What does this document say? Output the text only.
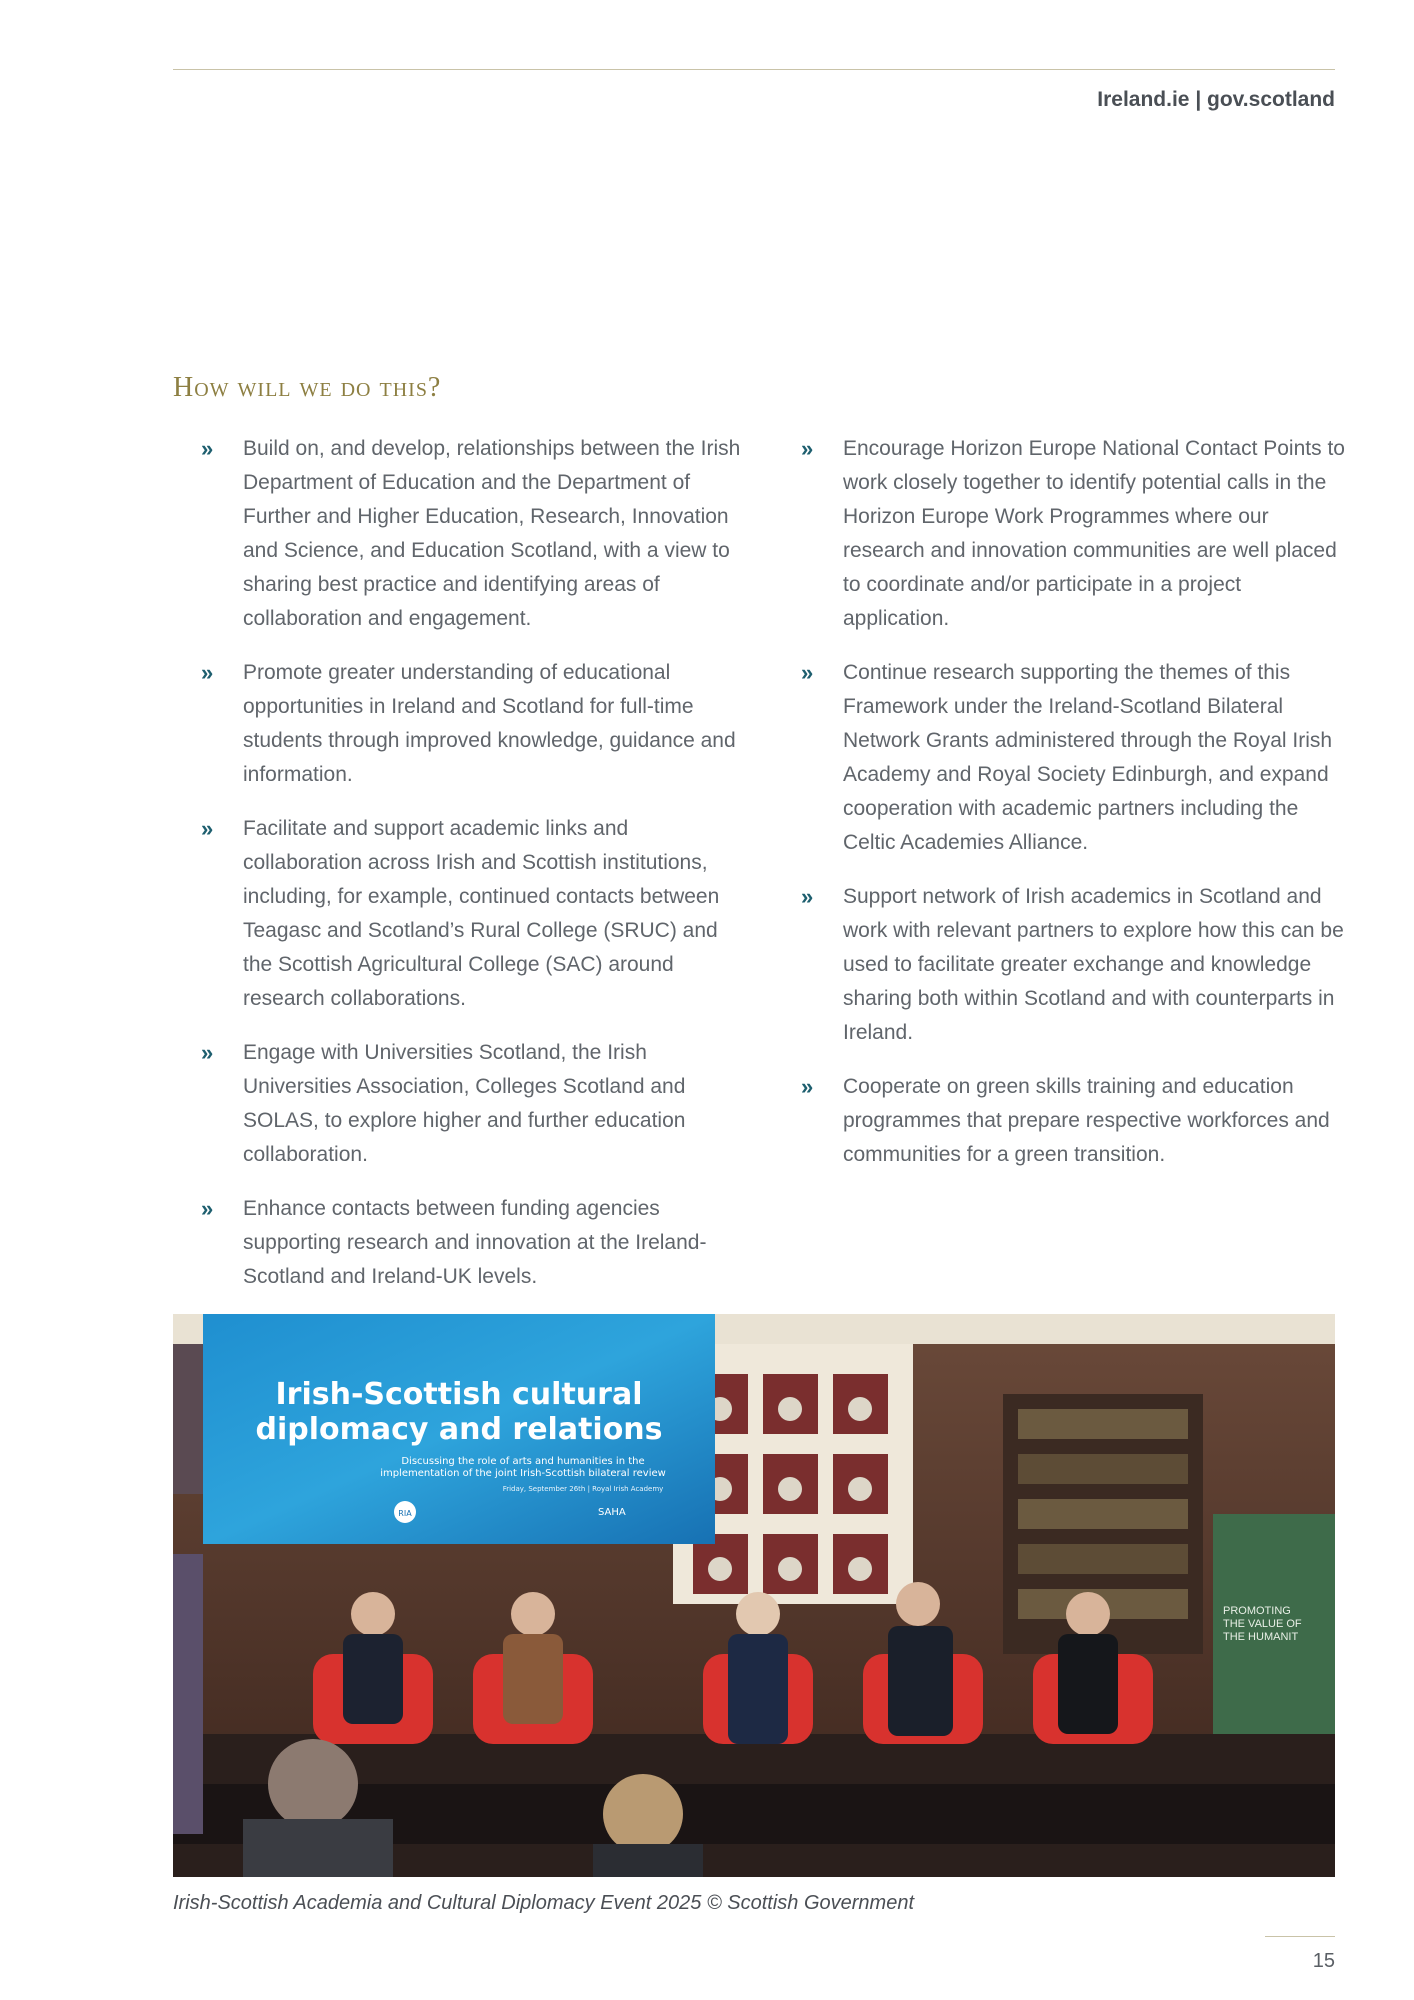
Ireland.ie | gov.scotland
How will we do this?
» Build on, and develop, relationships between the Irish Department of Education and the Department of Further and Higher Education, Research, Innovation and Science, and Education Scotland, with a view to sharing best practice and identifying areas of collaboration and engagement.
» Promote greater understanding of educational opportunities in Ireland and Scotland for full-time students through improved knowledge, guidance and information.
» Facilitate and support academic links and collaboration across Irish and Scottish institutions, including, for example, continued contacts between Teagasc and Scotland’s Rural College (SRUC) and the Scottish Agricultural College (SAC) around research collaborations.
» Engage with Universities Scotland, the Irish Universities Association, Colleges Scotland and SOLAS, to explore higher and further education collaboration.
» Enhance contacts between funding agencies supporting research and innovation at the Ireland-Scotland and Ireland-UK levels.
» Encourage Horizon Europe National Contact Points to work closely together to identify potential calls in the Horizon Europe Work Programmes where our research and innovation communities are well placed to coordinate and/or participate in a project application.
» Continue research supporting the themes of this Framework under the Ireland-Scotland Bilateral Network Grants administered through the Royal Irish Academy and Royal Society Edinburgh, and expand cooperation with academic partners including the Celtic Academies Alliance.
» Support network of Irish academics in Scotland and work with relevant partners to explore how this can be used to facilitate greater exchange and knowledge sharing both within Scotland and with counterparts in Ireland.
» Cooperate on green skills training and education programmes that prepare respective workforces and communities for a green transition.
PROMOTING
THE VALUE OF
THE HUMANIT
Irish-Scottish cultural
diplomacy and relations
Discussing the role of arts and humanities in the
implementation of the joint Irish-Scottish bilateral review
Friday, September 26th | Royal Irish Academy
RIA	SAHA
Irish-Scottish Academia and Cultural Diplomacy Event 2025 © Scottish Government
15
